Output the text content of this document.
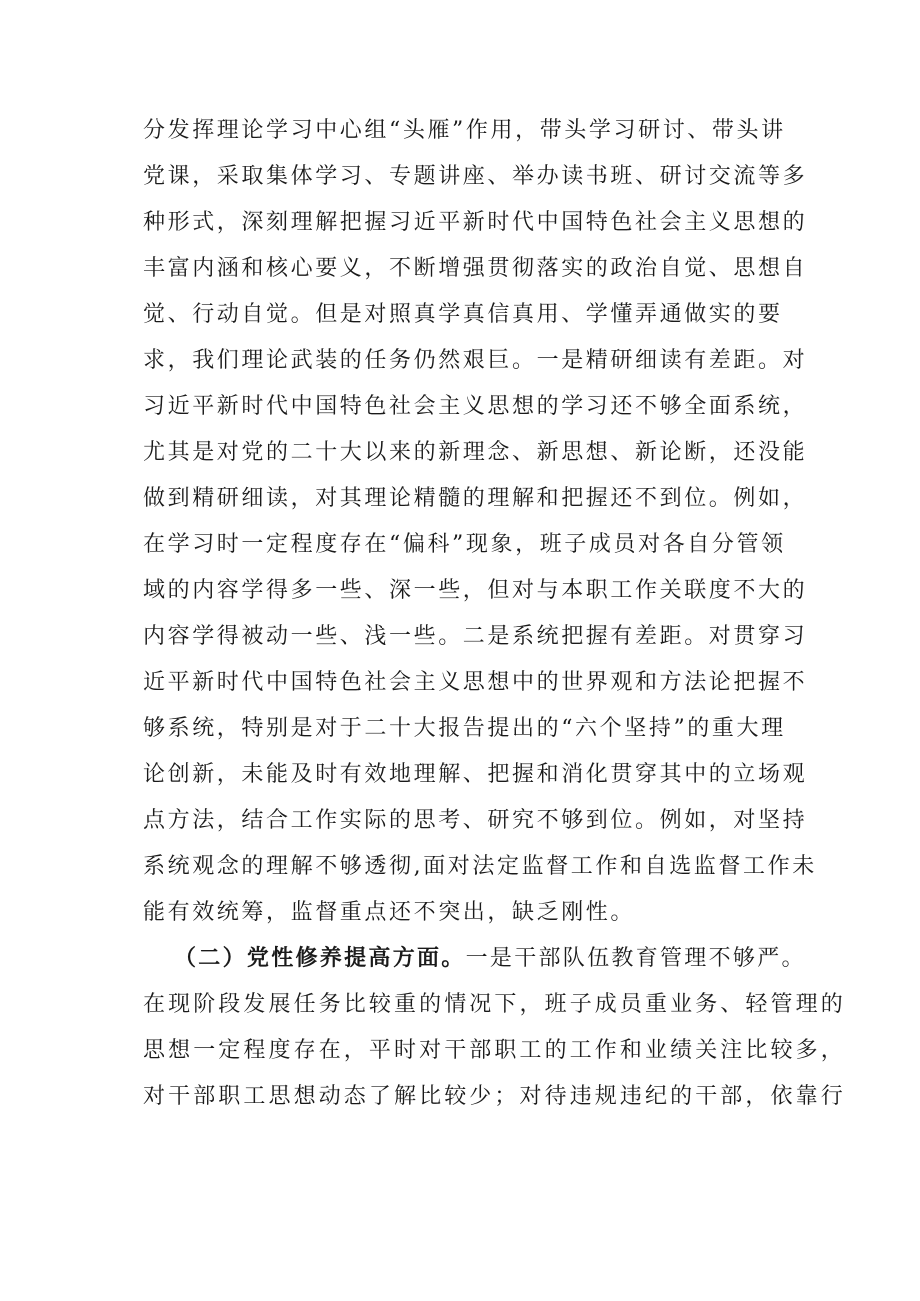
分发挥理论学习中心组“头雁”作用，带头学习研讨、带头讲
党课，采取集体学习、专题讲座、举办读书班、研讨交流等多
种形式，深刻理解把握习近平新时代中国特色社会主义思想的
丰富内涵和核心要义，不断增强贯彻落实的政治自觉、思想自
觉、行动自觉。但是对照真学真信真用、学懂弄通做实的要
求，我们理论武装的任务仍然艰巨。一是精研细读有差距。对
习近平新时代中国特色社会主义思想的学习还不够全面系统，
尤其是对党的二十大以来的新理念、新思想、新论断，还没能
做到精研细读，对其理论精髓的理解和把握还不到位。例如，
在学习时一定程度存在“偏科”现象，班子成员对各自分管领
域的内容学得多一些、深一些，但对与本职工作关联度不大的
内容学得被动一些、浅一些。二是系统把握有差距。对贯穿习
近平新时代中国特色社会主义思想中的世界观和方法论把握不
够系统，特别是对于二十大报告提出的“六个坚持”的重大理
论创新，未能及时有效地理解、把握和消化贯穿其中的立场观
点方法，结合工作实际的思考、研究不够到位。例如，对坚持
系统观念的理解不够透彻,面对法定监督工作和自选监督工作未
能有效统筹，监督重点还不突出，缺乏刚性。
（二）党性修养提高方面。一是干部队伍教育管理不够严。
在现阶段发展任务比较重的情况下，班子成员重业务、轻管理的
思想一定程度存在，平时对干部职工的工作和业绩关注比较多，
对干部职工思想动态了解比较少；对待违规违纪的干部，依靠行
